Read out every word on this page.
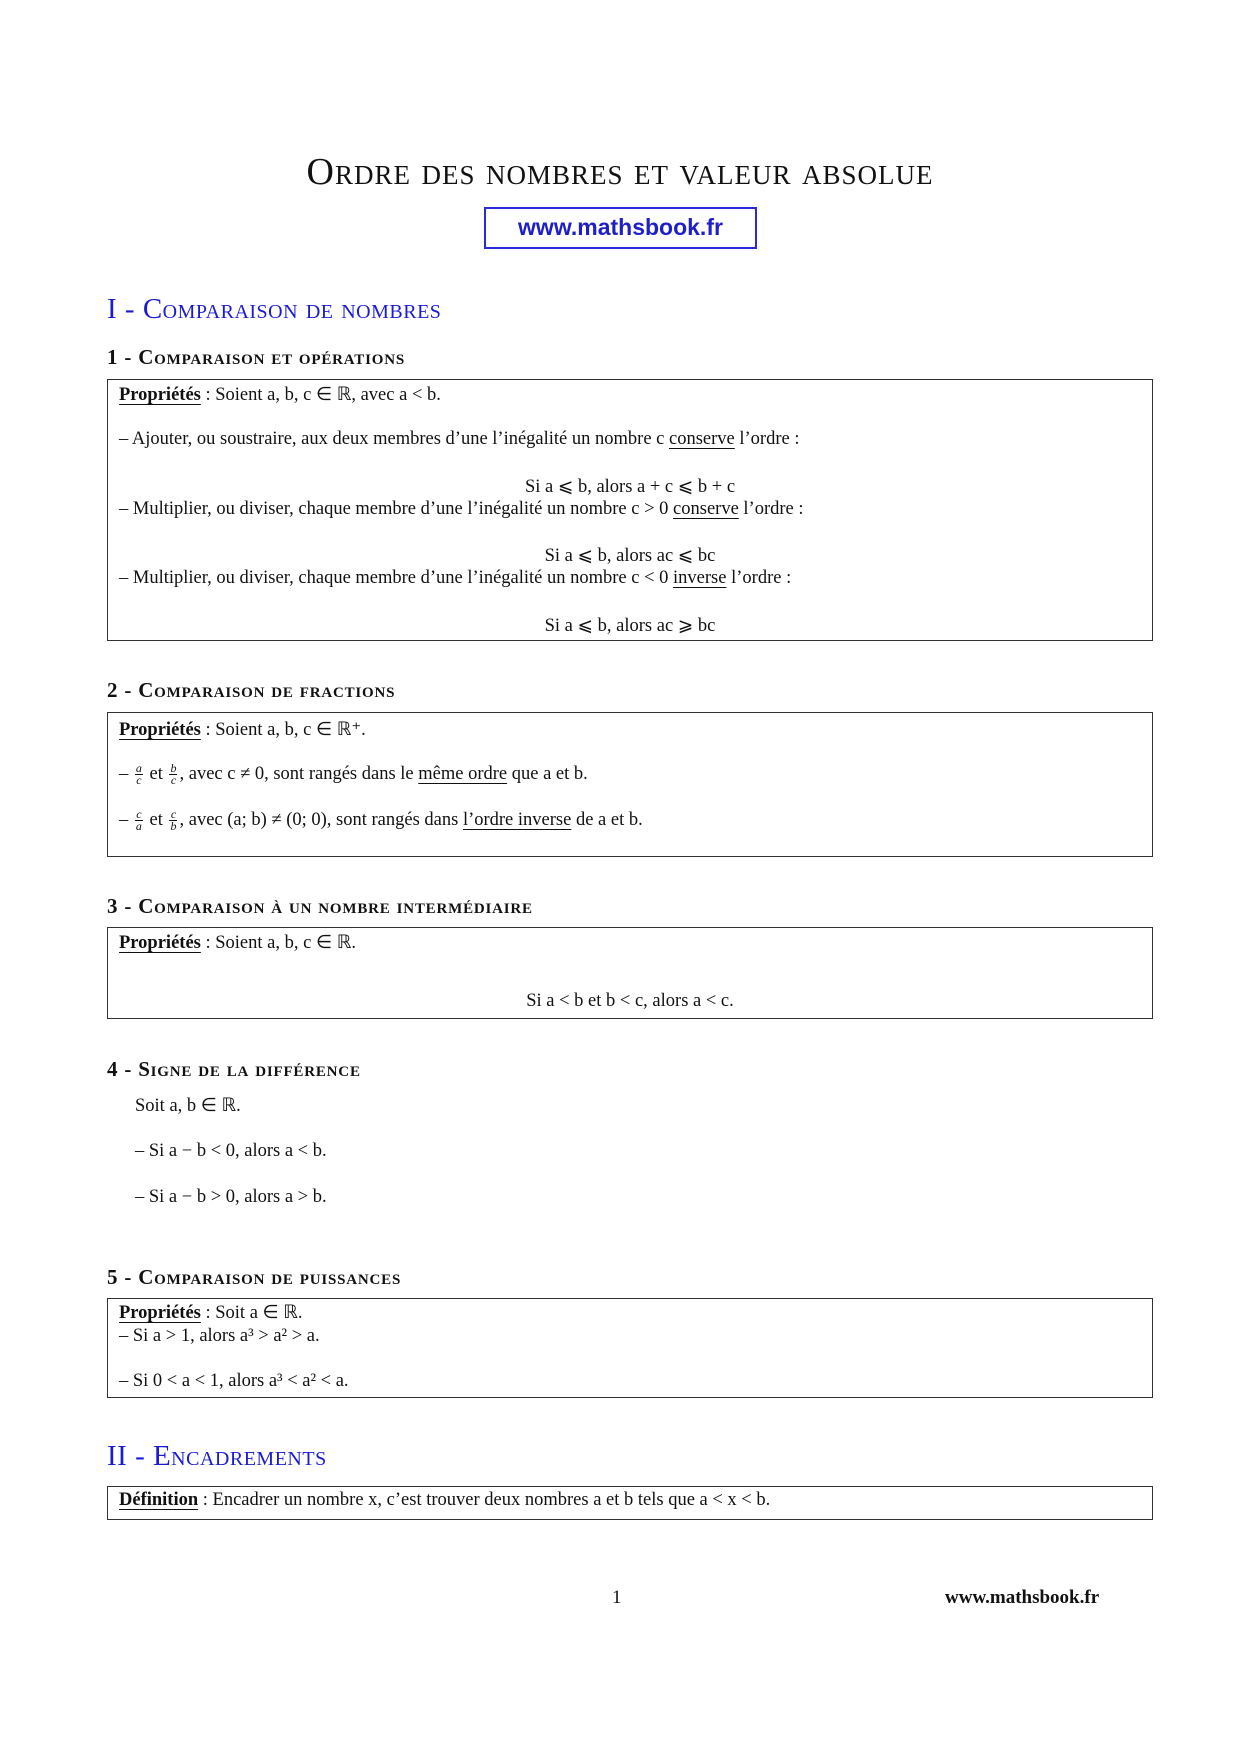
Ordre des nombres et valeur absolue
www.mathsbook.fr
I - Comparaison de nombres
1 - Comparaison et opérations
Propriétés : Soient a, b, c ∈ ℝ, avec a < b.
– Ajouter, ou soustraire, aux deux membres d’une l’inégalité un nombre c conserve l’ordre :
Si a ⩽ b, alors a + c ⩽ b + c
– Multiplier, ou diviser, chaque membre d’une l’inégalité un nombre c > 0 conserve l’ordre :
Si a ⩽ b, alors ac ⩽ bc
– Multiplier, ou diviser, chaque membre d’une l’inégalité un nombre c < 0 inverse l’ordre :
Si a ⩽ b, alors ac ⩾ bc
2 - Comparaison de fractions
Propriétés : Soient a, b, c ∈ ℝ⁺.
– $\frac{a}{c}$ et $\frac{b}{c}$ , avec c ≠ 0, sont rangés dans le même ordre que a et b.
– $\frac{c}{a}$ et $\frac{c}{b}$ , avec (a; b) ≠ (0; 0), sont rangés dans l’ordre inverse de a et b.
3 - Comparaison à un nombre intermédiaire
Propriétés : Soient a, b, c ∈ ℝ.
Si a < b et b < c, alors a < c.
4 - Signe de la différence
Soit a, b ∈ ℝ.
– Si a − b < 0, alors a < b.
– Si a − b > 0, alors a > b.
5 - Comparaison de puissances
Propriétés : Soit a ∈ ℝ.
– Si a > 1, alors a³ > a² > a.
– Si 0 < a < 1, alors a³ < a² < a.
II - Encadrements
Définition : Encadrer un nombre x, c’est trouver deux nombres a et b tels que a < x < b.
1	www.mathsbook.fr
